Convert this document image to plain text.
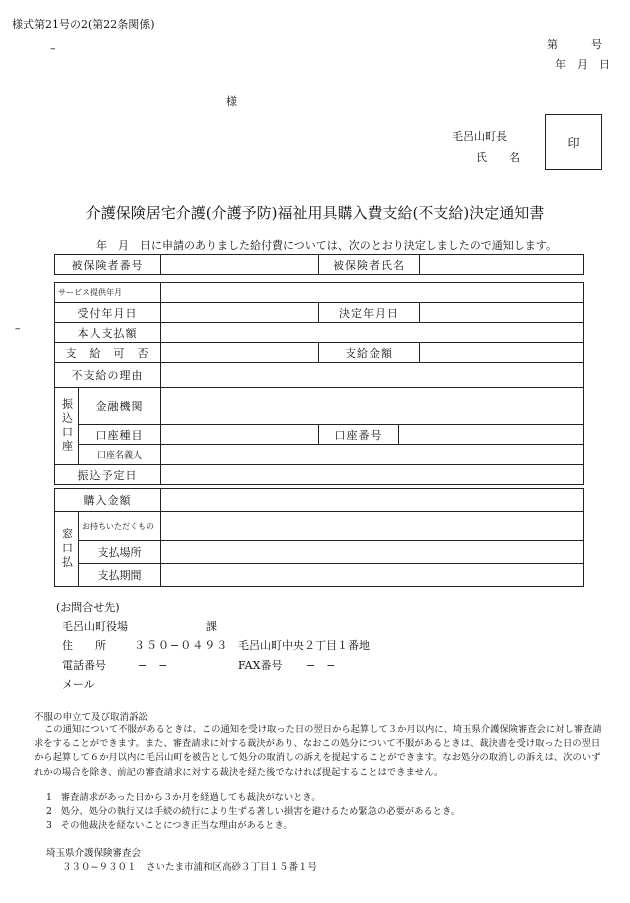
様式第21号の2(第22条関係)
–	第　　　号
年　月　日
様
毛呂山町長
氏　　名
印
介護保険居宅介護(介護予防)福祉用具購入費支給(不支給)決定通知書
年　月　日に申請のありました給付費については、次のとおり決定しましたので通知します。
被保険者番号		被保険者氏名	
–
サービス提供年月					
受付年月日			決定年月日		
本人支払額					
支　給　可　否			支給金額		
不支給の理由					
振込口座	金融機関				
	口座種目		口座番号		
	口座名義人				
振込予定日					
購入金額		
窓口払	お持ちいただくもの	
	支払場所	
	支払期間	
(お問合せ先)
毛呂山町役場	課
住　　所	３５０−０４９３ 毛呂山町中央２丁目１番地
電話番号	−　−	FAX番号 −　−
メール
不服の申立て及び取消訴訟
この通知について不服があるときは、この通知を受け取った日の翌日から起算して３か月以内に、埼玉県介護保険審査会に対し審査請求をすることができます。また、審査請求に対する裁決があり、なおこの処分について不服があるときは、裁決書を受け取った日の翌日から起算して６か月以内に毛呂山町を被告として処分の取消しの訴えを提起することができます。なお処分の取消しの訴えは、次のいずれかの場合を除き、前記の審査請求に対する裁決を経た後でなければ提起することはできません。
1 審査請求があった日から３か月を経過しても裁決がないとき。
2 処分、処分の執行又は手続の続行により生ずる著しい損害を避けるため緊急の必要があるとき。
3 その他裁決を経ないことにつき正当な理由があるとき。
埼玉県介護保険審査会
３３０−９３０１　さいたま市浦和区高砂３丁目１５番１号
